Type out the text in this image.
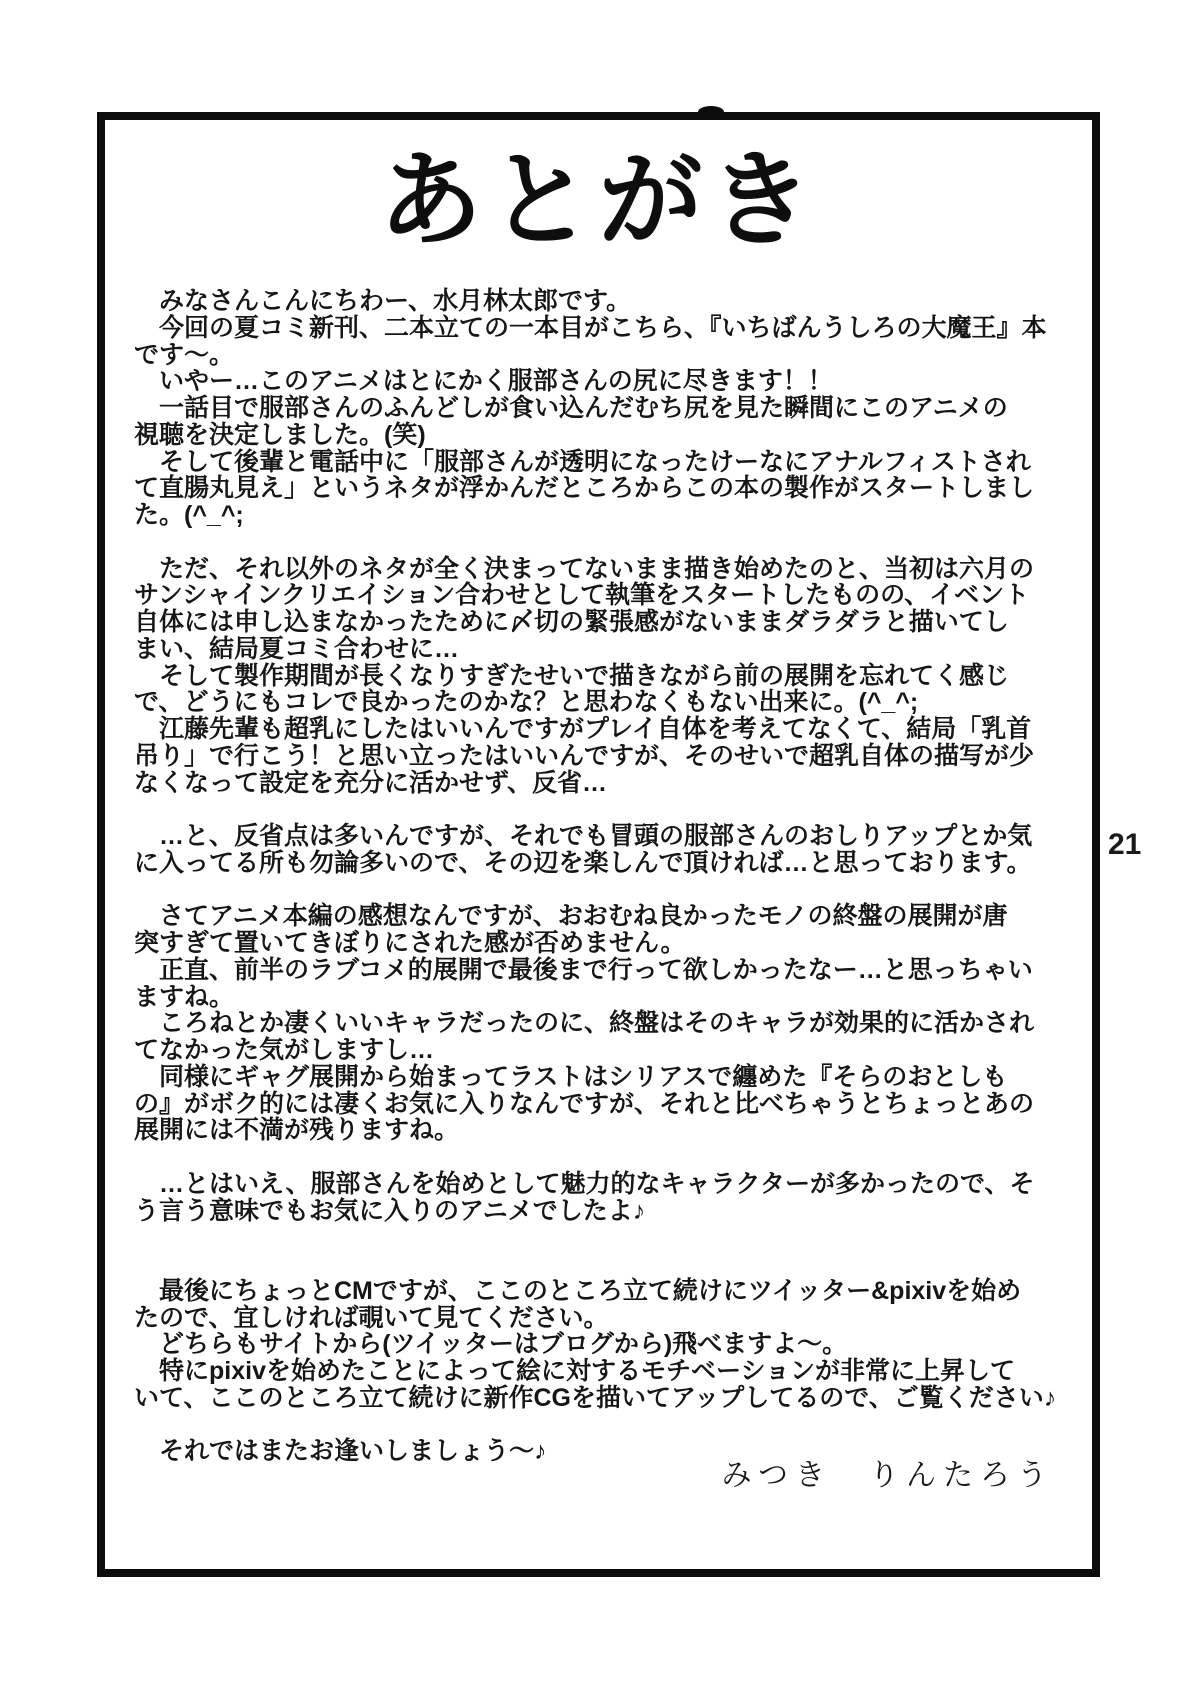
あとがき
　みなさんこんにちわー、水月林太郎です。
　今回の夏コミ新刊、二本立ての一本目がこちら、『いちばんうしろの大魔王』本
です～。
　いやー…このアニメはとにかく服部さんの尻に尽きます！！
　一話目で服部さんのふんどしが食い込んだむち尻を見た瞬間にこのアニメの
視聴を決定しました。(笑)
　そして後輩と電話中に「服部さんが透明になったけーなにアナルフィストされ
て直腸丸見え」というネタが浮かんだところからこの本の製作がスタートしまし
た。(^_^;

　ただ、それ以外のネタが全く決まってないまま描き始めたのと、当初は六月の
サンシャインクリエイション合わせとして執筆をスタートしたものの、イベント
自体には申し込まなかったために〆切の緊張感がないままダラダラと描いてし
まい、結局夏コミ合わせに…
　そして製作期間が長くなりすぎたせいで描きながら前の展開を忘れてく感じ
で、どうにもコレで良かったのかな？と思わなくもない出来に。(^_^;
　江藤先輩も超乳にしたはいいんですがプレイ自体を考えてなくて、結局「乳首
吊り」で行こう！と思い立ったはいいんですが、そのせいで超乳自体の描写が少
なくなって設定を充分に活かせず、反省…

　…と、反省点は多いんですが、それでも冒頭の服部さんのおしりアップとか気
に入ってる所も勿論多いので、その辺を楽しんで頂ければ…と思っております。

　さてアニメ本編の感想なんですが、おおむね良かったモノの終盤の展開が唐
突すぎて置いてきぼりにされた感が否めません。
　正直、前半のラブコメ的展開で最後まで行って欲しかったなー…と思っちゃい
ますね。
　ころねとか凄くいいキャラだったのに、終盤はそのキャラが効果的に活かされ
てなかった気がしますし…
　同様にギャグ展開から始まってラストはシリアスで纏めた『そらのおとしも
の』がボク的には凄くお気に入りなんですが、それと比べちゃうとちょっとあの
展開には不満が残りますね。

　…とはいえ、服部さんを始めとして魅力的なキャラクターが多かったので、そ
う言う意味でもお気に入りのアニメでしたよ♪

　最後にちょっとCMですが、ここのところ立て続けにツイッター&pixivを始め
たので、宜しければ覗いて見てください。
　どちらもサイトから(ツイッターはブログから)飛べますよ～。
　特にpixivを始めたことによって絵に対するモチベーションが非常に上昇して
いて、ここのところ立て続けに新作CGを描いてアップしてるので、ご覧ください♪

　それではまたお逢いしましょう～♪
みつき　りんたろう
21
